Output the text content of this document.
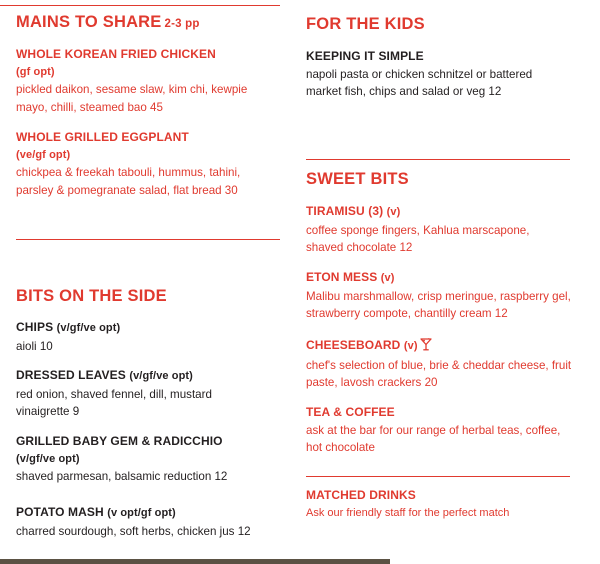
MAINS TO SHARE 2-3 pp
WHOLE KOREAN FRIED CHICKEN
(gf opt)
pickled daikon, sesame slaw, kim chi, kewpie mayo, chilli, steamed bao 45
WHOLE GRILLED EGGPLANT
(ve/gf opt)
chickpea & freekah tabouli, hummus, tahini, parsley & pomegranate salad, flat bread 30
BITS ON THE SIDE
CHIPS (v/gf/ve opt)
aioli 10
DRESSED LEAVES (v/gf/ve opt)
red onion, shaved fennel, dill, mustard vinaigrette 9
GRILLED BABY GEM & RADICCHIO
(v/gf/ve opt)
shaved parmesan, balsamic reduction 12
POTATO MASH (v opt/gf opt)
charred sourdough, soft herbs, chicken jus 12
FOR THE KIDS
KEEPING IT SIMPLE
napoli pasta or chicken schnitzel or battered market fish, chips and salad or veg 12
SWEET BITS
TIRAMISU (3) (v)
coffee sponge fingers, Kahlua marscapone, shaved chocolate 12
ETON MESS (v)
Malibu marshmallow, crisp meringue, raspberry gel, strawberry compote, chantilly cream 12
CHEESEBOARD (v)
chef's selection of blue, brie & cheddar cheese, fruit paste, lavosh crackers 20
TEA & COFFEE
ask at the bar for our range of herbal teas, coffee, hot chocolate
MATCHED DRINKS
Ask our friendly staff for the perfect match
